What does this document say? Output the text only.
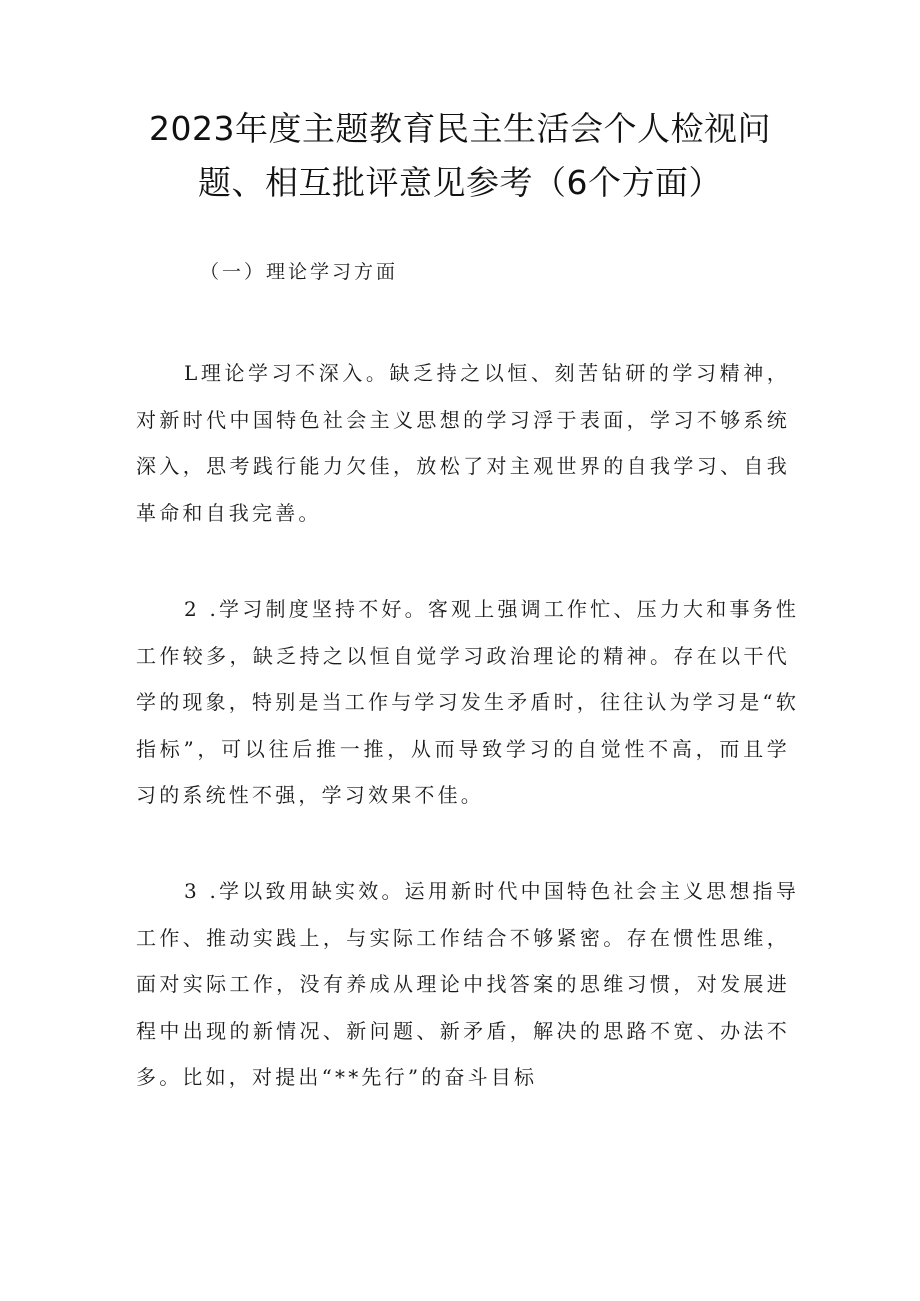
2023年度主题教育民主生活会个人检视问
题、相互批评意见参考（6个方面）
（一）理论学习方面
L理论学习不深入。缺乏持之以恒、刻苦钻研的学习精神，
对新时代中国特色社会主义思想的学习浮于表面，学习不够系统
深入，思考践行能力欠佳，放松了对主观世界的自我学习、自我
革命和自我完善。
2 .学习制度坚持不好。客观上强调工作忙、压力大和事务性
工作较多，缺乏持之以恒自觉学习政治理论的精神。存在以干代
学的现象，特别是当工作与学习发生矛盾时，往往认为学习是“软
指标”，可以往后推一推，从而导致学习的自觉性不高，而且学
习的系统性不强，学习效果不佳。
3 .学以致用缺实效。运用新时代中国特色社会主义思想指导
工作、推动实践上，与实际工作结合不够紧密。存在惯性思维，
面对实际工作，没有养成从理论中找答案的思维习惯，对发展进
程中出现的新情况、新问题、新矛盾，解决的思路不宽、办法不
多。比如，对提出“**先行”的奋斗目标
